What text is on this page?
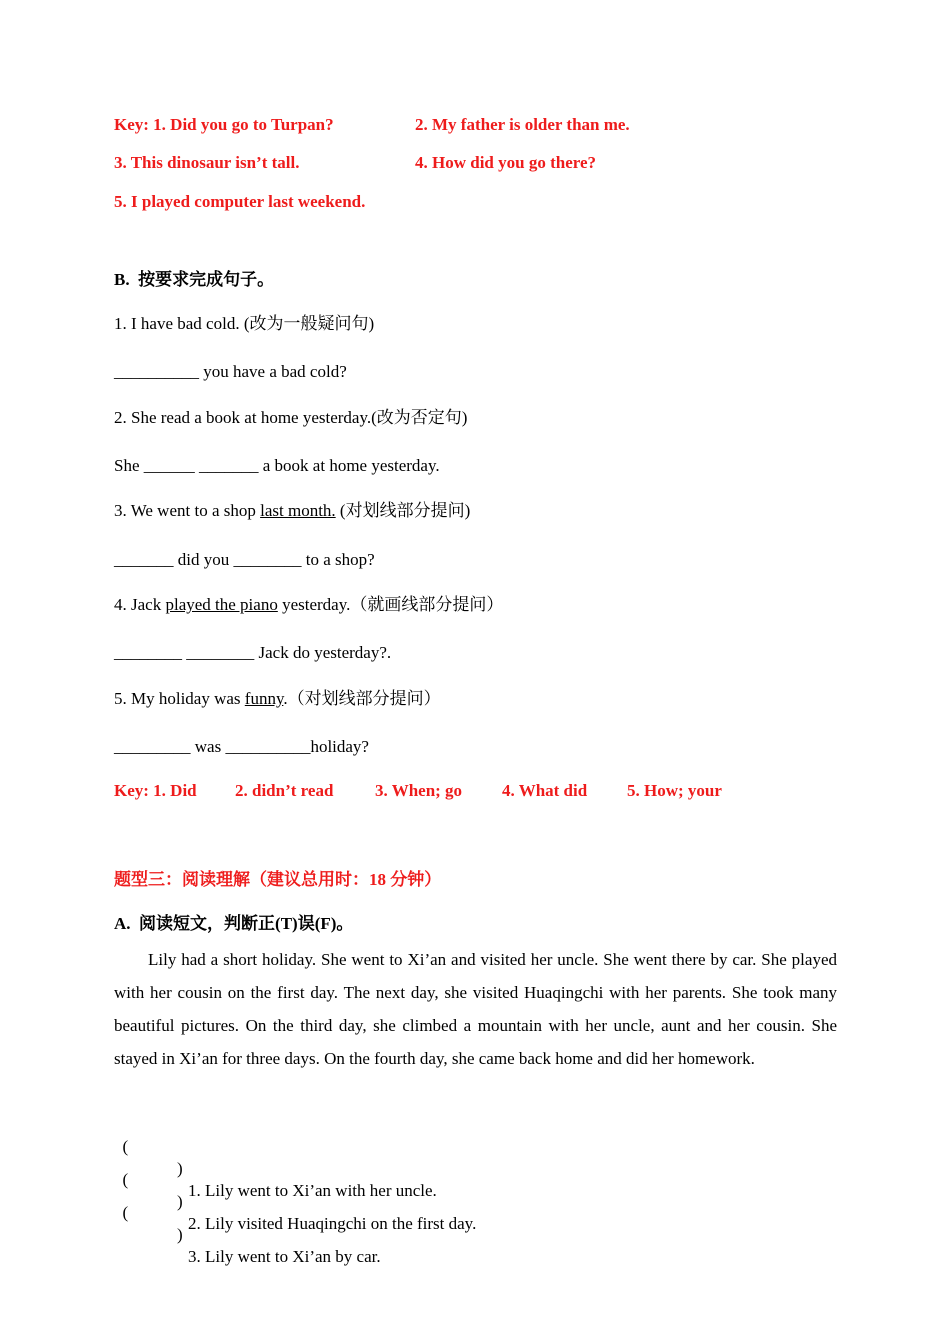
Key: 1. Did you go to Turpan?	2. My father is older than me.
3. This dinosaur isn’t tall.	4. How did you go there?
5. I played computer last weekend.
B.  按要求完成句子。
1. I have bad cold. (改为一般疑问句)
__________ you have a bad cold?
2. She read a book at home yesterday.(改为否定句)
She ______ _______ a book at home yesterday.
3. We went to a shop last month. (对划线部分提问)
_______ did you ________ to a shop?
4. Jack played the piano yesterday.（就画线部分提问）
________ ________ Jack do yesterday?.
5. My holiday was funny.（对划线部分提问）
_________ was __________holiday?
Key: 1. Did 2. didn’t read 3. When; go 4. What did 5. How; your
题型三：阅读理解（建议总用时：18 分钟）
A.  阅读短文，判断正(T)误(F)。
Lily had a short holiday. She went to Xi’an and visited her uncle. She went there by car. She played with her cousin on the first day. The next day, she visited Huaqingchi with her parents. She took many beautiful pictures. On the third day, she climbed a mountain with her uncle, aunt and her cousin. She stayed in Xi’an for three days. On the fourth day, she came back home and did her homework.

(

)

1. Lily went to Xi’an with her uncle.

(

)

2. Lily visited Huaqingchi on the first day.

(

)

3. Lily went to Xi’an by car.
